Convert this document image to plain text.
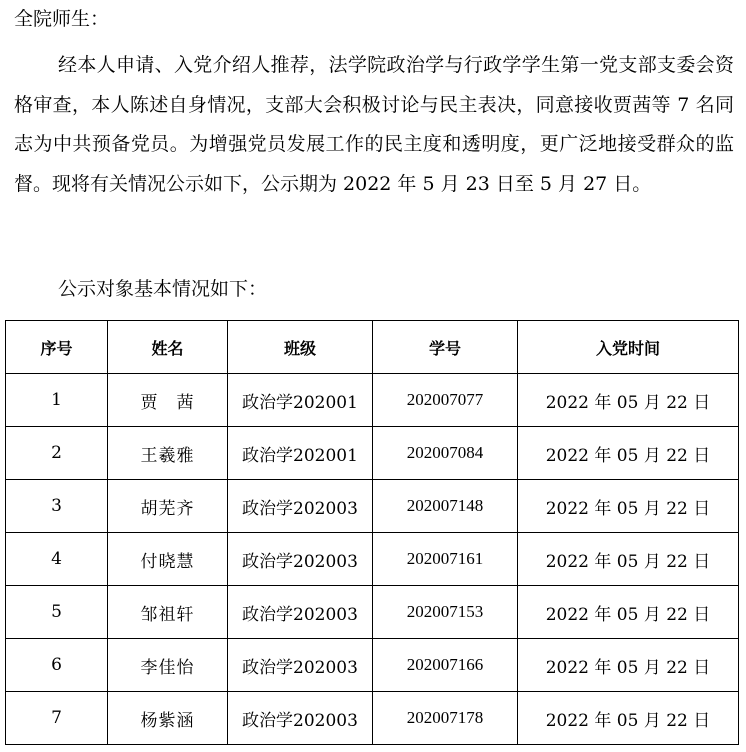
全院师生：

经本人申请、入党介绍人推荐，法学院政治学与行政学学生第一党支部支委会资格审查，本人陈述自身情况，支部大会积极讨论与民主表决，同意接收贾茜等 7 名同志为中共预备党员。为增强党员发展工作的民主度和透明度，更广泛地接受群众的监督。现将有关情况公示如下，公示期为 2022 年 5 月 23 日至 5 月 27 日。

公示对象基本情况如下：
序号	姓名	班级	学号	入党时间
1	贾　茜	政治学202001	202007077	2022 年 05 月 22 日
2	王羲雅	政治学202001	202007084	2022 年 05 月 22 日
3	胡芜齐	政治学202003	202007148	2022 年 05 月 22 日
4	付晓慧	政治学202003	202007161	2022 年 05 月 22 日
5	邹祖轩	政治学202003	202007153	2022 年 05 月 22 日
6	李佳怡	政治学202003	202007166	2022 年 05 月 22 日
7	杨紫涵	政治学202003	202007178	2022 年 05 月 22 日
